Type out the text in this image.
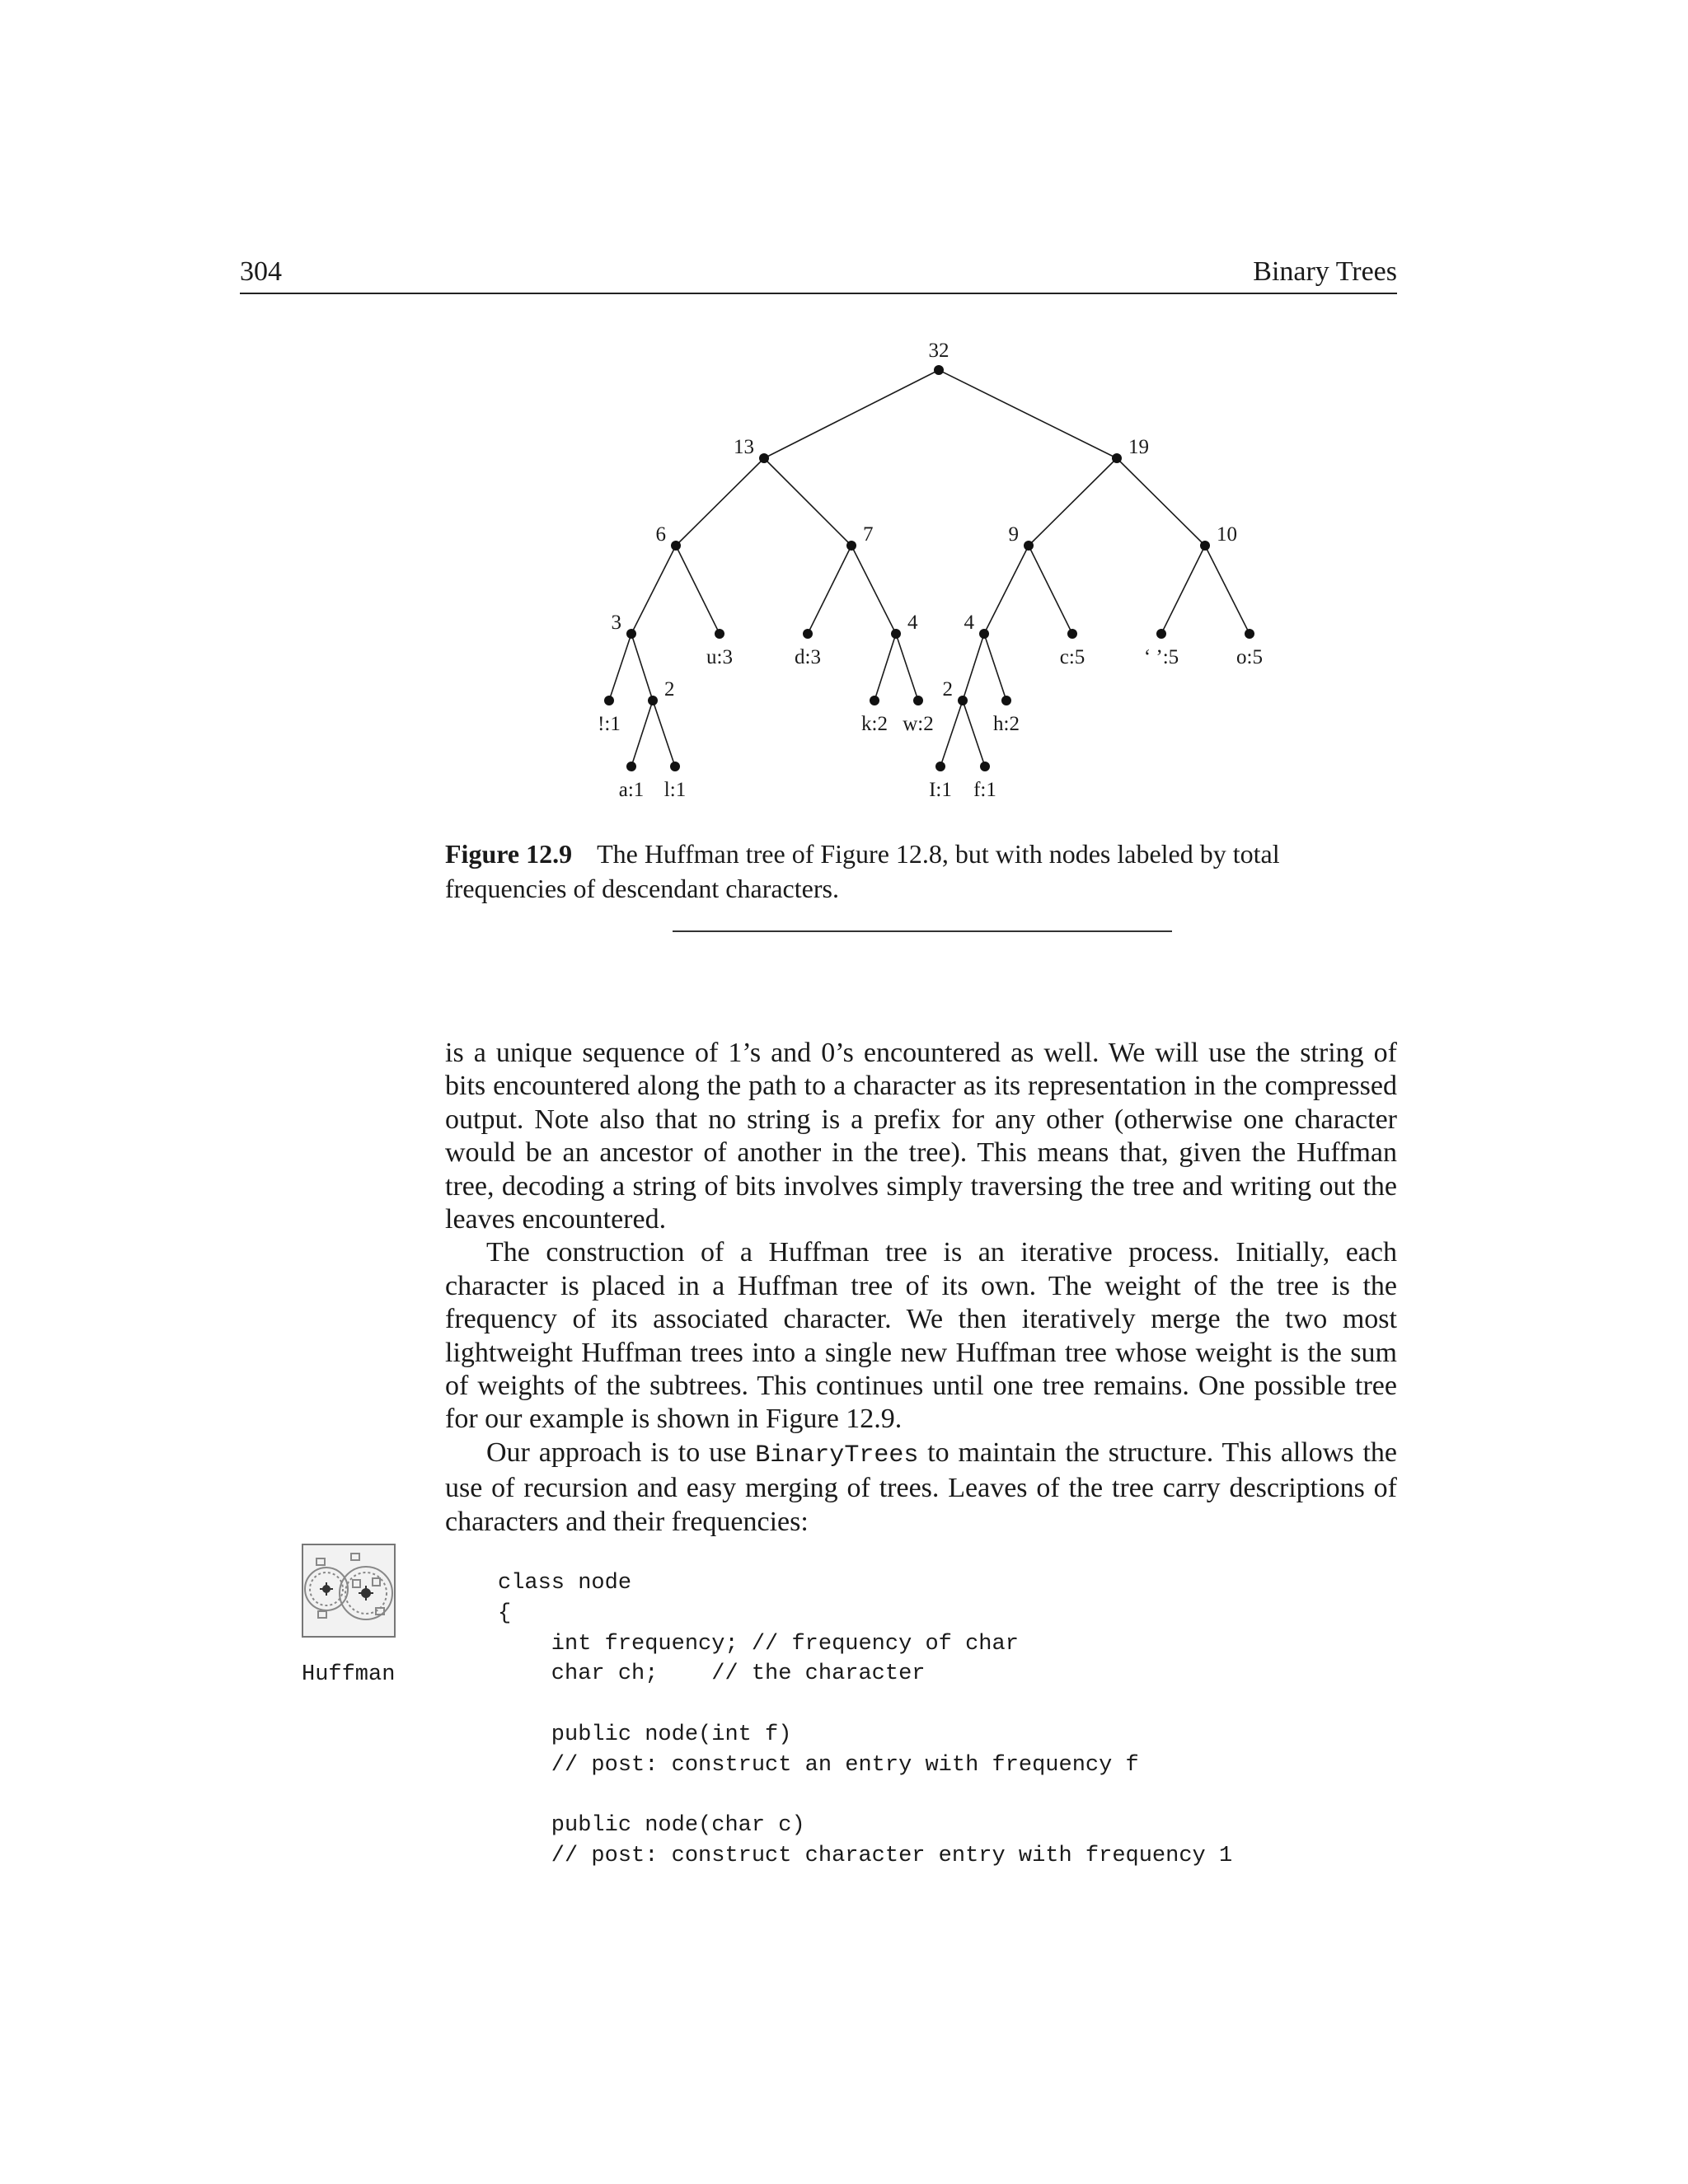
304	Binary Trees
32
13	19
6	7	9	10
3
u:3	d:3
4 4
c:5	‘ ’:5	o:5
!:1
2
k:2 w:2
2
h:2
a:1 l:1	I:1 f:1
Figure 12.9 The Huffman tree of Figure 12.8, but with nodes labeled by total frequencies of descendant characters.

is a unique sequence of 1’s and 0’s encountered as well. We will use the string of bits encountered along the path to a character as its representation in the compressed output. Note also that no string is a prefix for any other (otherwise one character would be an ancestor of another in the tree). This means that, given the Huffman tree, decoding a string of bits involves simply traversing the tree and writing out the leaves encountered.

The construction of a Huffman tree is an iterative process. Initially, each character is placed in a Huffman tree of its own. The weight of the tree is the frequency of its associated character. We then iteratively merge the two most lightweight Huffman trees into a single new Huffman tree whose weight is the sum of weights of the subtrees. This continues until one tree remains. One possible tree for our example is shown in Figure 12.9.

Our approach is to use BinaryTrees to maintain the structure. This allows the use of recursion and easy merging of trees. Leaves of the tree carry descriptions of characters and their frequencies:

Huffman
class node
{
int frequency; // frequency of char
char ch;    // the character
public node(int f)
// post: construct an entry with frequency f
public node(char c)
// post: construct character entry with frequency 1
